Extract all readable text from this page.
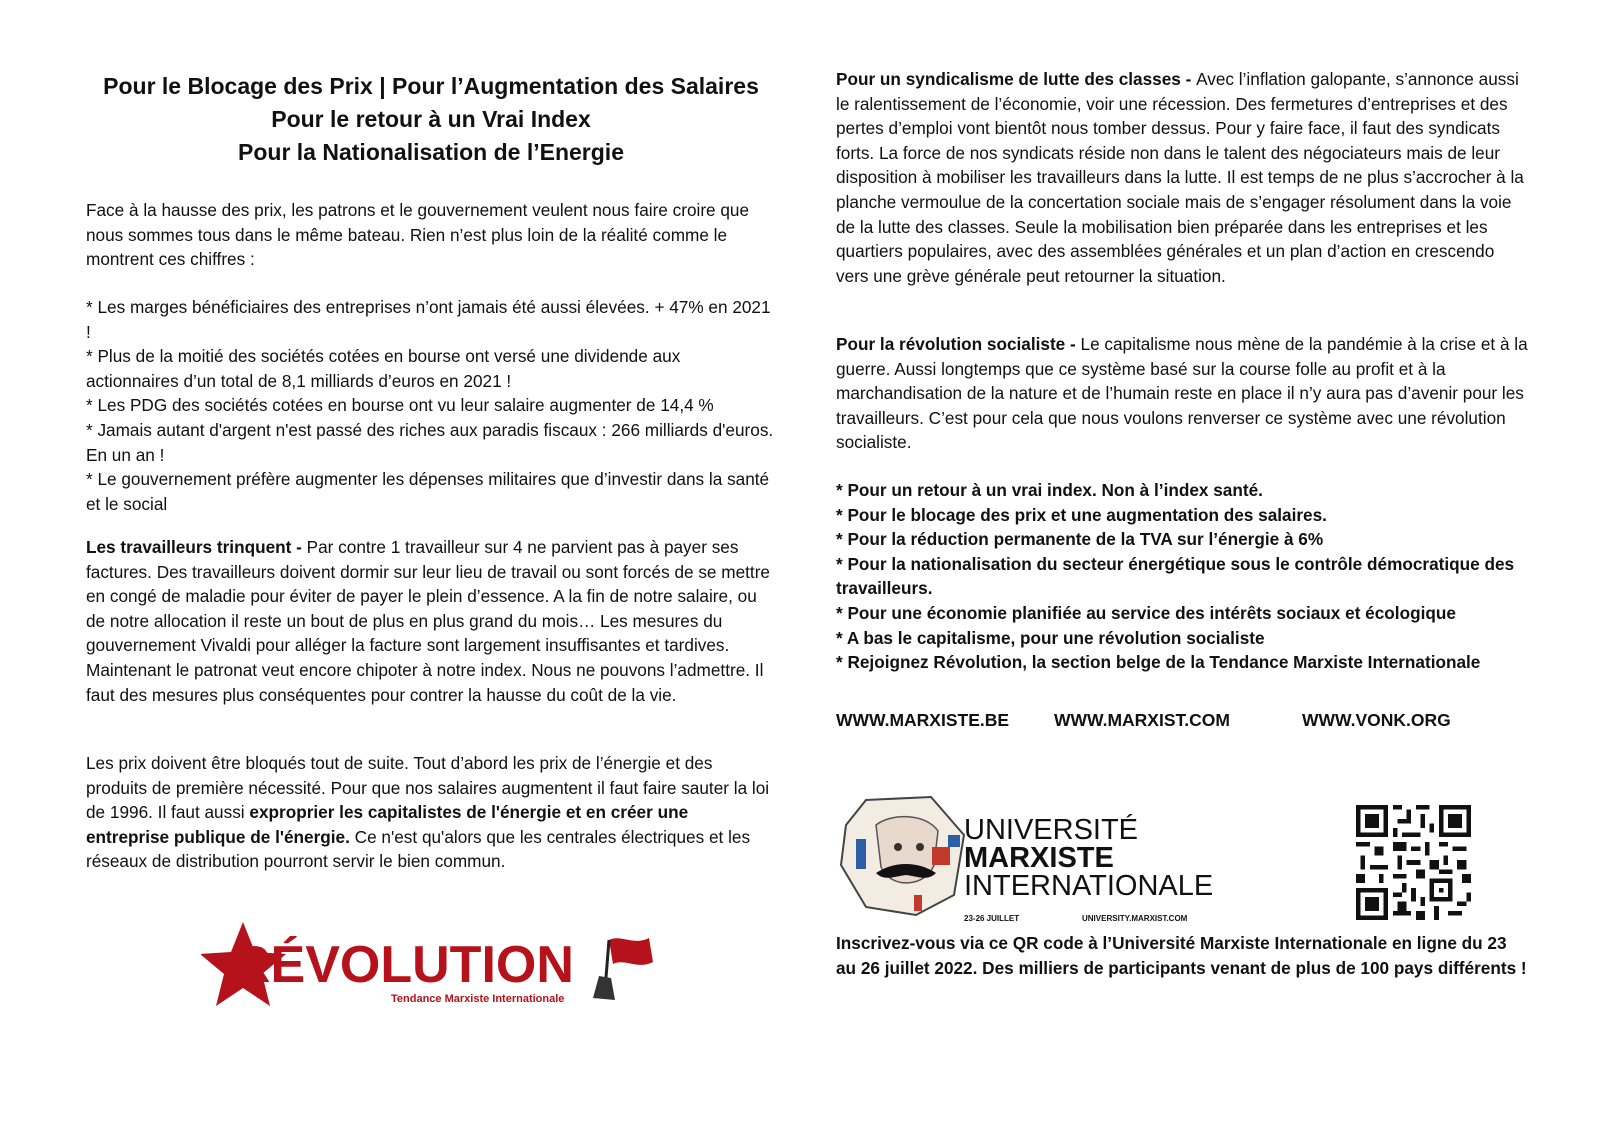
Pour le Blocage des Prix | Pour l’Augmentation des Salaires
Pour le retour à un Vrai Index
Pour la Nationalisation de l’Energie

Face à la hausse des prix, les patrons et le gouvernement veulent nous faire croire que nous sommes tous dans le même bateau. Rien n’est plus loin de la réalité comme le montrent ces chiffres :

* Les marges bénéficiaires des entreprises n’ont jamais été aussi élevées. + 47% en 2021 !

* Plus de la moitié des sociétés cotées en bourse ont versé une dividende aux actionnaires d’un total de 8,1 milliards d’euros en 2021 !

* Les PDG des sociétés cotées en bourse ont vu leur salaire augmenter de 14,4 %

* Jamais autant d'argent n'est passé des riches aux paradis fiscaux : 266 milliards d'euros. En un an !

* Le gouvernement préfère augmenter les dépenses militaires que d’investir dans la santé et le social

Les travailleurs trinquent - Par contre 1 travailleur sur 4 ne parvient pas à payer ses factures. Des travailleurs doivent dormir sur leur lieu de travail ou sont forcés de se mettre en congé de maladie pour éviter de payer le plein d’essence. A la fin de notre salaire, ou de notre allocation il reste un bout de plus en plus grand du mois… Les mesures du gouvernement Vivaldi pour alléger la facture sont largement insuffisantes et tardives. Maintenant le patronat veut encore chipoter à notre index. Nous ne pouvons l’admettre. Il faut des mesures plus conséquentes pour contrer la hausse du coût de la vie.

Les prix doivent être bloqués tout de suite. Tout d’abord les prix de l’énergie et des produits de première nécessité. Pour que nos salaires augmentent il faut faire sauter la loi de 1996. Il faut aussi exproprier les capitalistes de l'énergie et en créer une entreprise publique de l'énergie. Ce n'est qu'alors que les centrales électriques et les réseaux de distribution pourront servir le bien commun.

RÉVOLUTION
Tendance Marxiste Internationale

Pour un syndicalisme de lutte des classes - Avec l’inflation galopante, s’annonce aussi le ralentissement de l’économie, voir une récession. Des fermetures d’entreprises et des pertes d’emploi vont bientôt nous tomber dessus. Pour y faire face, il faut des syndicats forts. La force de nos syndicats réside non dans le talent des négociateurs mais de leur disposition à mobiliser les travailleurs dans la lutte. Il est temps de ne plus s’accrocher à la planche vermoulue de la concertation sociale mais de s’engager résolument dans la voie de la lutte des classes. Seule la mobilisation bien préparée dans les entreprises et les quartiers populaires, avec des assemblées générales et un plan d’action en crescendo vers une grève générale peut retourner la situation.

Pour la révolution socialiste - Le capitalisme nous mène de la pandémie à la crise et à la guerre. Aussi longtemps que ce système basé sur la course folle au profit et à la marchandisation de la nature et de l’humain reste en place il n’y aura pas d’avenir pour les travailleurs. C’est pour cela que nous voulons renverser ce système avec une révolution socialiste.

* Pour un retour à un vrai index. Non à l’index santé.

* Pour le blocage des prix et une augmentation des salaires.

* Pour la réduction permanente de la TVA sur l’énergie à 6%

* Pour la nationalisation du secteur énergétique sous le contrôle démocratique des travailleurs.

* Pour une économie planifiée au service des intérêts sociaux et écologique

* A bas le capitalisme, pour une révolution socialiste

* Rejoignez Révolution, la section belge de la Tendance Marxiste Internationale

WWW.MARXISTE.BE	WWW.MARXIST.COM	WWW.VONK.ORG
UNIVERSITÉ
MARXISTE
INTERNATIONALE
23-26 JUILLET	UNIVERSITY.MARXIST.COM

Inscrivez-vous via ce QR code à l’Université Marxiste Internationale en ligne du 23 au 26 juillet 2022. Des milliers de participants venant de plus de 100 pays différents !
